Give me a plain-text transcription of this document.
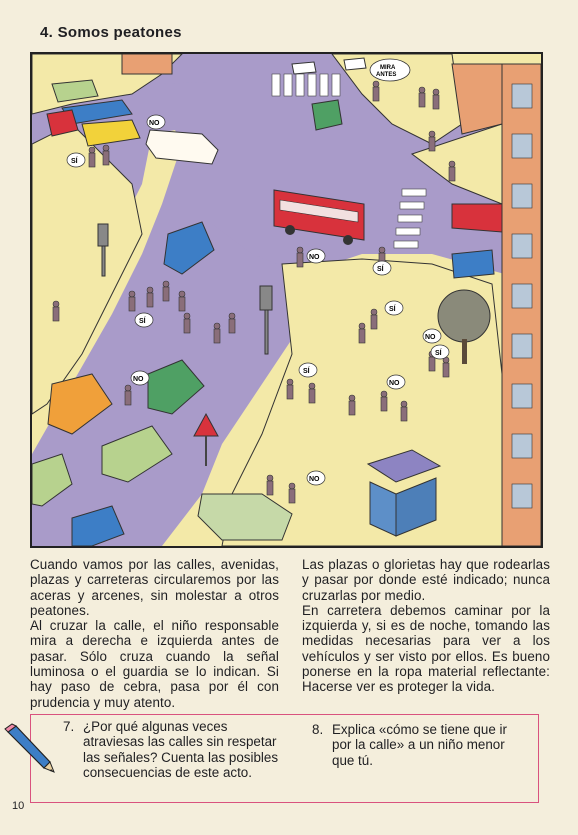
4. Somos peatones
MIRA
ANTES
NO
SÍ
NO
NO
SÍ
SÍ
NO
SÍ
NO
SÍ
SÍ
NO

Cuando vamos por las calles, avenidas, plazas y carreteras circularemos por las aceras y arcenes, sin molestar a otros peatones.

Al cruzar la calle, el niño responsable mira a derecha e izquierda antes de pasar. Sólo cruza cuando la señal luminosa o el guardia se lo indican. Si hay paso de cebra, pasa por él con prudencia y muy atento.

Las plazas o glorietas hay que rodearlas y pasar por donde esté indicado; nunca cruzarlas por medio.

En carretera debemos caminar por la izquierda y, si es de noche, tomando las medidas necesarias para ver a los vehículos y ser visto por ellos. Es bueno ponerse en la ropa material reflectante: Hacerse ver es proteger la vida.

7. ¿Por qué algunas veces atraviesas las calles sin respetar las señales? Cuenta las posibles consecuencias de este acto.
8. Explica «cómo se tiene que ir por la calle» a un niño menor que tú.
10
